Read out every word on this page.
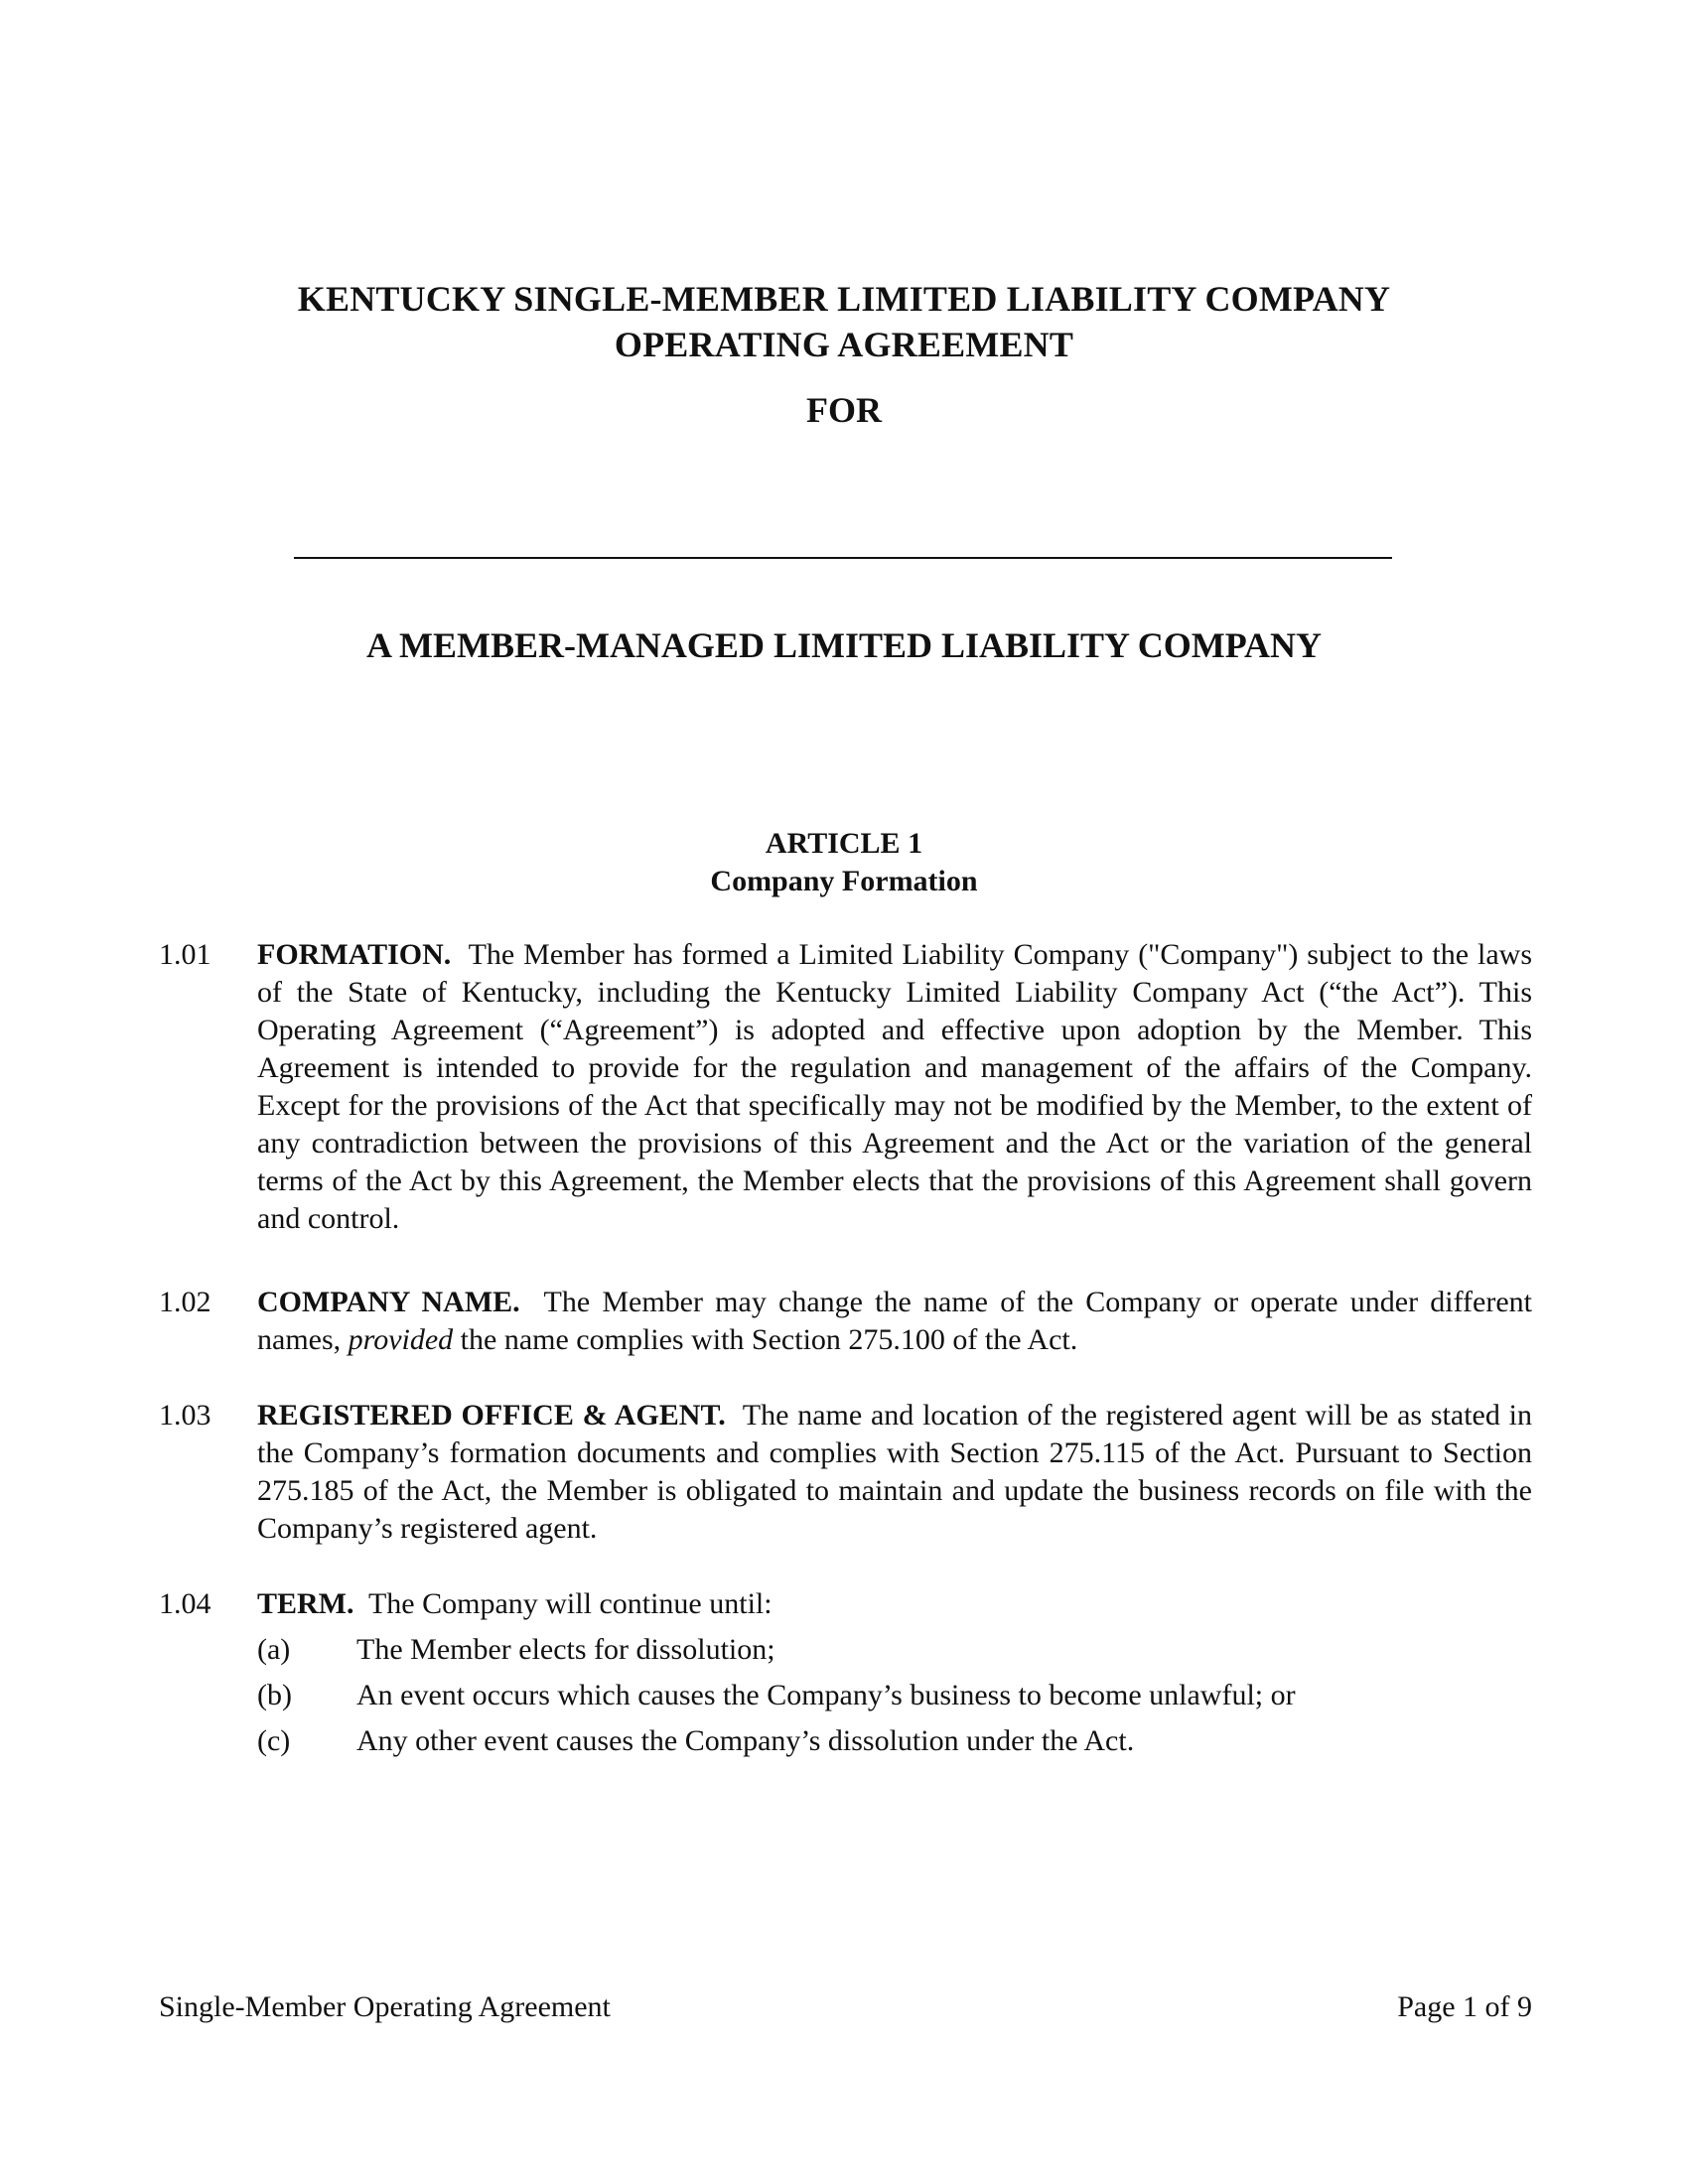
KENTUCKY SINGLE-MEMBER LIMITED LIABILITY COMPANY
OPERATING AGREEMENT
FOR
A MEMBER-MANAGED LIMITED LIABILITY COMPANY
ARTICLE 1
Company Formation
1.01	FORMATION. The Member has formed a Limited Liability Company ("Company") subject to the laws of the State of Kentucky, including the Kentucky Limited Liability Company Act (“the Act”). This Operating Agreement (“Agreement”) is adopted and effective upon adoption by the Member. This Agreement is intended to provide for the regulation and management of the affairs of the Company. Except for the provisions of the Act that specifically may not be modified by the Member, to the extent of any contradiction between the provisions of this Agreement and the Act or the variation of the general terms of the Act by this Agreement, the Member elects that the provisions of this Agreement shall govern and control.
1.02	COMPANY NAME. The Member may change the name of the Company or operate under different names, provided the name complies with Section 275.100 of the Act.
1.03	REGISTERED OFFICE & AGENT. The name and location of the registered agent will be as stated in the Company’s formation documents and complies with Section 275.115 of the Act. Pursuant to Section 275.185 of the Act, the Member is obligated to maintain and update the business records on file with the Company’s registered agent.
1.04	TERM. The Company will continue until:
(a) The Member elects for dissolution;
(b) An event occurs which causes the Company’s business to become unlawful; or
(c) Any other event causes the Company’s dissolution under the Act.
Single-Member Operating Agreement	Page 1 of 9
